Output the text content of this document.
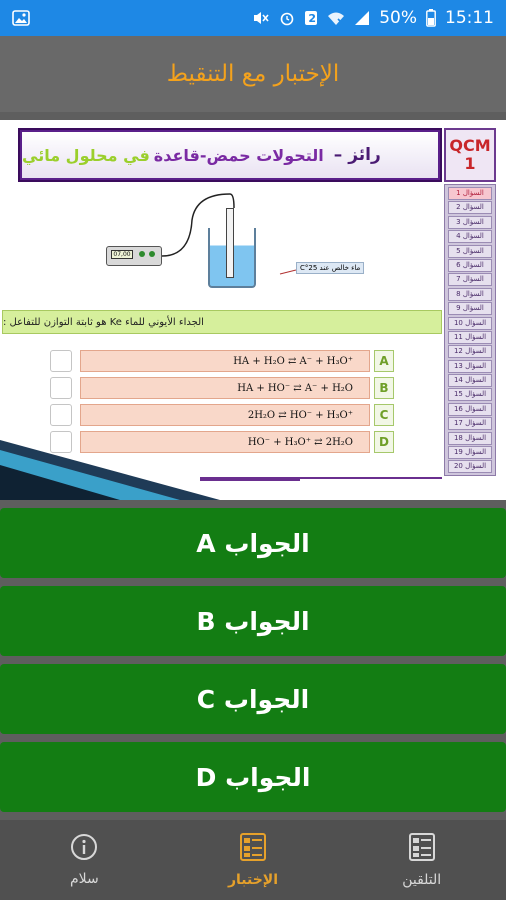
2	50% 15:11
الإختبار مع التنقيط
رائز –
التحولات حمض-قاعدة
في محلول مائي	QCM
1
السؤال 1
السؤال 2
السؤال 3
السؤال 4
السؤال 5
السؤال 6
السؤال 7
السؤال 8
السؤال 9
السؤال 10
السؤال 11
السؤال 12
السؤال 13
السؤال 14
السؤال 15
السؤال 16
السؤال 17
السؤال 18
السؤال 19
السؤال 20
07,00
ماء خالص عند 25°C
الجداء الأيوني للماء Ke هو ثابتة التوازن للتفاعل :
HA + H₂O ⇄ A⁻ + H₃O⁺	A
HA + HO⁻ ⇄ A⁻ + H₂O	B
2H₂O ⇄ HO⁻ + H₃O⁺	C
HO⁻ + H₃O⁺ ⇄ 2H₂O	D
الجواب A
الجواب B
الجواب C
الجواب D
سلام	الإختبار	التلقين
